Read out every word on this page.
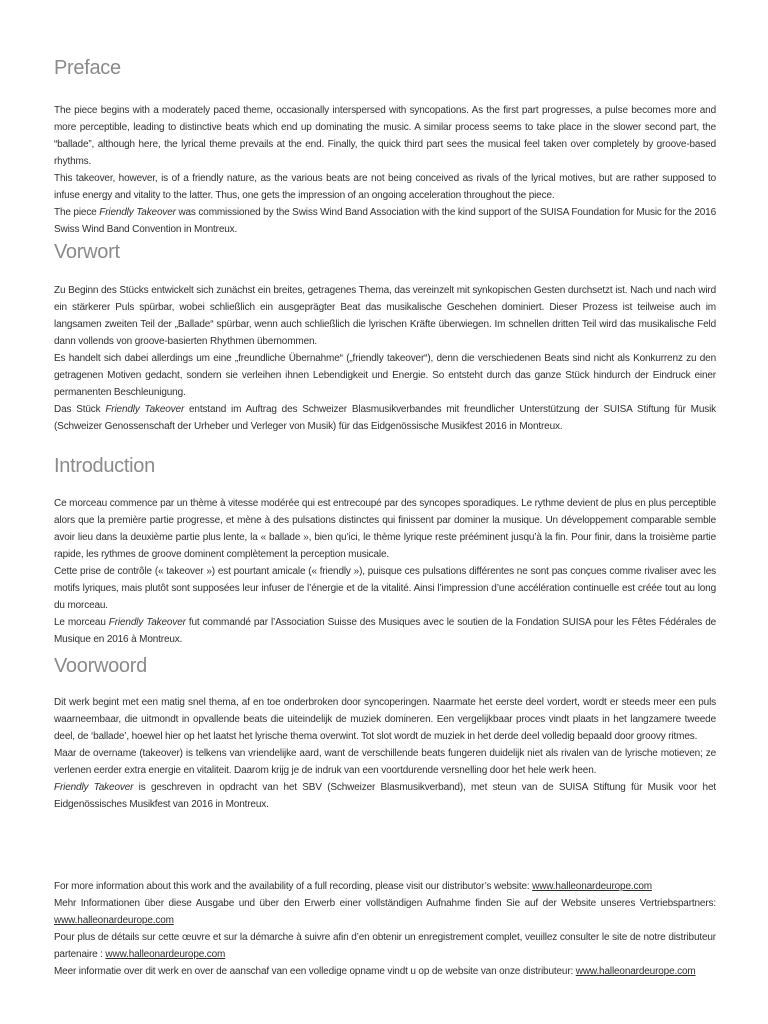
Preface

The piece begins with a moderately paced theme, occasionally interspersed with syncopations. As the first part progresses, a pulse becomes more and more perceptible, leading to distinctive beats which end up dominating the music. A similar process seems to take place in the slower second part, the “ballade”, although here, the lyrical theme prevails at the end. Finally, the quick third part sees the musical feel taken over completely by groove-based rhythms.

This takeover, however, is of a friendly nature, as the various beats are not being conceived as rivals of the lyrical motives, but are rather supposed to infuse energy and vitality to the latter. Thus, one gets the impression of an ongoing acceleration throughout the piece.

The piece Friendly Takeover was commissioned by the Swiss Wind Band Association with the kind support of the SUISA Foundation for Music for the 2016 Swiss Wind Band Convention in Montreux.

Vorwort

Zu Beginn des Stücks entwickelt sich zunächst ein breites, getragenes Thema, das vereinzelt mit synkopischen Gesten durchsetzt ist. Nach und nach wird ein stärkerer Puls spürbar, wobei schließlich ein ausgeprägter Beat das musikalische Geschehen dominiert. Dieser Prozess ist teilweise auch im langsamen zweiten Teil der „Ballade“ spürbar, wenn auch schließlich die lyrischen Kräfte überwiegen. Im schnellen dritten Teil wird das musikalische Feld dann vollends von groove-basierten Rhythmen übernommen.

Es handelt sich dabei allerdings um eine „freundliche Übernahme“ („friendly takeover“), denn die verschiedenen Beats sind nicht als Konkurrenz zu den getragenen Motiven gedacht, sondern sie verleihen ihnen Lebendigkeit und Energie. So entsteht durch das ganze Stück hindurch der Eindruck einer permanenten Beschleunigung.

Das Stück Friendly Takeover entstand im Auftrag des Schweizer Blasmusikverbandes mit freundlicher Unterstützung der SUISA Stiftung für Musik (Schweizer Genossenschaft der Urheber und Verleger von Musik) für das Eidgenössische Musikfest 2016 in Montreux.

Introduction

Ce morceau commence par un thème à vitesse modérée qui est entrecoupé par des syncopes sporadiques. Le rythme devient de plus en plus perceptible alors que la première partie progresse, et mène à des pulsations distinctes qui finissent par dominer la musique. Un développement comparable semble avoir lieu dans la deuxième partie plus lente, la « ballade », bien qu’ici, le thème lyrique reste prééminent jusqu’à la fin. Pour finir, dans la troisième partie rapide, les rythmes de groove dominent complètement la perception musicale.

Cette prise de contrôle (« takeover ») est pourtant amicale (« friendly »), puisque ces pulsations différentes ne sont pas conçues comme rivaliser avec les motifs lyriques, mais plutôt sont supposées leur infuser de l’énergie et de la vitalité. Ainsi l’impression d’une accélération continuelle est créée tout au long du morceau.

Le morceau Friendly Takeover fut commandé par l’Association Suisse des Musiques avec le soutien de la Fondation SUISA pour les Fêtes Fédérales de Musique en 2016 à Montreux.

Voorwoord

Dit werk begint met een matig snel thema, af en toe onderbroken door syncoperingen. Naarmate het eerste deel vordert, wordt er steeds meer een puls waarneembaar, die uitmondt in opvallende beats die uiteindelijk de muziek domineren. Een vergelijkbaar proces vindt plaats in het langzamere tweede deel, de ‘ballade’, hoewel hier op het laatst het lyrische thema overwint. Tot slot wordt de muziek in het derde deel volledig bepaald door groovy ritmes.

Maar de overname (takeover) is telkens van vriendelijke aard, want de verschillende beats fungeren duidelijk niet als rivalen van de lyrische motieven; ze verlenen eerder extra energie en vitaliteit. Daarom krijg je de indruk van een voortdurende versnelling door het hele werk heen.

Friendly Takeover is geschreven in opdracht van het SBV (Schweizer Blasmusikverband), met steun van de SUISA Stiftung für Musik voor het Eidgenössisches Musikfest van 2016 in Montreux.

For more information about this work and the availability of a full recording, please visit our distributor’s website: www.halleonardeurope.com

Mehr Informationen über diese Ausgabe und über den Erwerb einer vollständigen Aufnahme finden Sie auf der Website unseres Vertriebspartners: www.halleonardeurope.com

Pour plus de détails sur cette œuvre et sur la démarche à suivre afin d’en obtenir un enregistrement complet, veuillez consulter le site de notre distributeur partenaire : www.halleonardeurope.com

Meer informatie over dit werk en over de aanschaf van een volledige opname vindt u op de website van onze distributeur: www.halleonardeurope.com
